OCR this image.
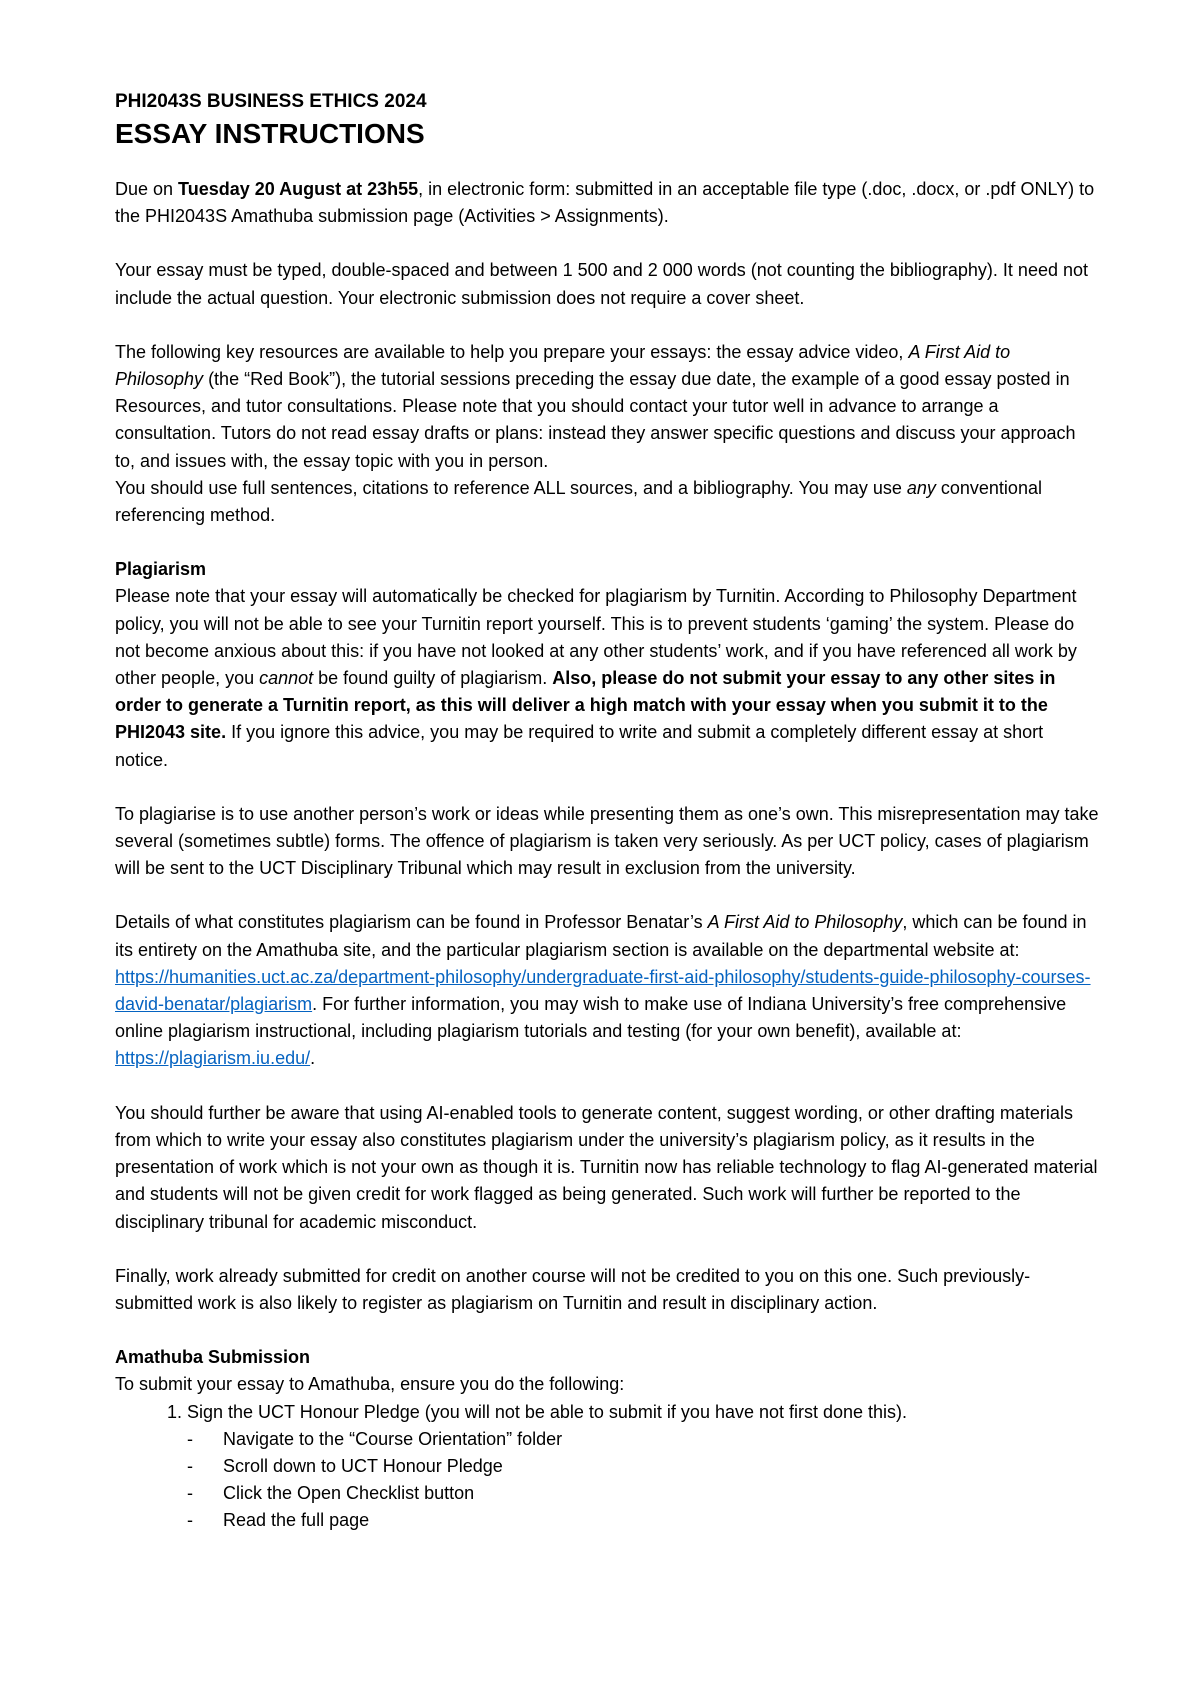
PHI2043S BUSINESS ETHICS 2024
ESSAY INSTRUCTIONS

Due on Tuesday 20 August at 23h55, in electronic form: submitted in an acceptable file type (.doc, .docx, or .pdf ONLY) to the PHI2043S Amathuba submission page (Activities > Assignments).

Your essay must be typed, double-spaced and between 1 500 and 2 000 words (not counting the bibliography). It need not include the actual question. Your electronic submission does not require a cover sheet.

The following key resources are available to help you prepare your essays: the essay advice video, A First Aid to Philosophy (the “Red Book”), the tutorial sessions preceding the essay due date, the example of a good essay posted in Resources, and tutor consultations. Please note that you should contact your tutor well in advance to arrange a consultation. Tutors do not read essay drafts or plans: instead they answer specific questions and discuss your approach to, and issues with, the essay topic with you in person.
You should use full sentences, citations to reference ALL sources, and a bibliography. You may use any conventional referencing method.

Plagiarism

Please note that your essay will automatically be checked for plagiarism by Turnitin. According to Philosophy Department policy, you will not be able to see your Turnitin report yourself. This is to prevent students ‘gaming’ the system. Please do not become anxious about this: if you have not looked at any other students’ work, and if you have referenced all work by other people, you cannot be found guilty of plagiarism. Also, please do not submit your essay to any other sites in order to generate a Turnitin report, as this will deliver a high match with your essay when you submit it to the PHI2043 site. If you ignore this advice, you may be required to write and submit a completely different essay at short notice.

To plagiarise is to use another person’s work or ideas while presenting them as one’s own. This misrepresentation may take several (sometimes subtle) forms. The offence of plagiarism is taken very seriously. As per UCT policy, cases of plagiarism will be sent to the UCT Disciplinary Tribunal which may result in exclusion from the university.

Details of what constitutes plagiarism can be found in Professor Benatar’s A First Aid to Philosophy, which can be found in its entirety on the Amathuba site, and the particular plagiarism section is available on the departmental website at: https://humanities.uct.ac.za/department-philosophy/undergraduate-first-aid-philosophy/students-guide-philosophy-courses-david-benatar/plagiarism. For further information, you may wish to make use of Indiana University’s free comprehensive online plagiarism instructional, including plagiarism tutorials and testing (for your own benefit), available at: https://plagiarism.iu.edu/.

You should further be aware that using AI-enabled tools to generate content, suggest wording, or other drafting materials from which to write your essay also constitutes plagiarism under the university’s plagiarism policy, as it results in the presentation of work which is not your own as though it is. Turnitin now has reliable technology to flag AI-generated material and students will not be given credit for work flagged as being generated. Such work will further be reported to the disciplinary tribunal for academic misconduct.

Finally, work already submitted for credit on another course will not be credited to you on this one. Such previously-submitted work is also likely to register as plagiarism on Turnitin and result in disciplinary action.

Amathuba Submission

To submit your essay to Amathuba, ensure you do the following:

1. Sign the UCT Honour Pledge (you will not be able to submit if you have not first done this).
- Navigate to the “Course Orientation” folder
- Scroll down to UCT Honour Pledge
- Click the Open Checklist button
- Read the full page
